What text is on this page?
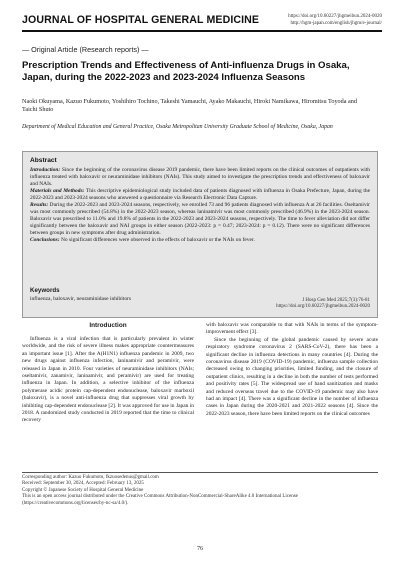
JOURNAL OF HOSPITAL GENERAL MEDICINE	https://doi.org/10.60227/jhgmeibun.2024-0020
http://hgm-japan.com/english/jhgm/e-journal/
— Original Article (Research reports) —
Prescription Trends and Effectiveness of Anti-influenza Drugs in Osaka, Japan, during the 2022-2023 and 2023-2024 Influenza Seasons
Naoki Okuyama, Kazuo Fukumoto, Yoshihiro Tochino, Takeshi Yamauchi, Ayako Makauchi, Hiroki Namikawa, Hiromitsu Toyoda and Taichi Shuto
Department of Medical Education and General Practice, Osaka Metropolitan University Graduate School of Medicine, Osaka, Japan
Abstract

Introduction: Since the beginning of the coronavirus disease 2019 pandemic, there have been limited reports on the clinical outcomes of outpatients with influenza treated with baloxavir or neuraminidase inhibitors (NAIs). This study aimed to investigate the prescription trends and effectiveness of baloxavir and NAIs.

Materials and Methods: This descriptive epidemiological study included data of patients diagnosed with influenza in Osaka Prefecture, Japan, during the 2022-2023 and 2023-2024 seasons who answered a questionnaire via Research Electronic Data Capture.

Results: During the 2022-2023 and 2023-2024 seasons, respectively, we enrolled 73 and 96 patients diagnosed with influenza A at 26 facilities. Oseltamivir was most commonly prescribed (54.8%) in the 2022-2023 season, whereas laninamivir was most commonly prescribed (46.9%) in the 2023-2024 season. Baloxavir was prescribed to 11.0% and 19.8% of patients in the 2022-2023 and 2023-2024 seasons, respectively. The time to fever alleviation did not differ significantly between the baloxavir and NAI groups in either season (2022-2023: p = 0.47; 2023-2024: p = 0.12). There were no significant differences between groups in new symptoms after drug administration.

Conclusions: No significant differences were observed in the effects of baloxavir or the NAIs on fever.

Keywords
influenza, baloxavir, neuraminidase inhibitors	J Hosp Gen Med 2025;7(3):76-81
https://doi.org/10.60227/jhgmeibun.2024-0020
Introduction

Influenza is a viral infection that is particularly prevalent in winter worldwide, and the risk of severe illness makes appropriate countermeasures an important issue [1]. After the A(H1N1) influenza pandemic in 2009, two new drugs against influenza infection, laninamivir and peramivir, were released in Japan in 2010. Four varieties of neuraminidase inhibitors (NAIs; oseltamivir, zanamivir, laninamivir, and peramivir) are used for treating influenza in Japan. In addition, a selective inhibitor of the influenza polymerase acidic protein cap-dependent endonuclease, baloxavir marboxil (baloxavir), is a novel anti-influenza drug that suppresses viral growth by inhibiting cap-dependent endonuclease [2]. It was approved for use in Japan in 2018. A randomized study conducted in 2019 reported that the time to clinical recovery

with baloxavir was comparable to that with NAIs in terms of the symptom-improvement effect [3].

Since the beginning of the global pandemic caused by severe acute respiratory syndrome coronavirus 2 (SARS-CoV-2), there has been a significant decline in influenza detections in many countries [4]. During the coronavirus disease 2019 (COVID-19) pandemic, influenza sample collection decreased owing to changing priorities, limited funding, and the closure of outpatient clinics, resulting in a decline in both the number of tests performed and positivity rates [5]. The widespread use of hand sanitization and masks and reduced overseas travel due to the COVID-19 pandemic may also have had an impact [4]. There was a significant decline in the number of influenza cases in Japan during the 2020-2021 and 2021-2022 seasons [4]. Since the 2022-2023 season, there have been limited reports on the clinical outcomes

Corresponding author: Kazuo Fukumoto, fkzuosedenus@gmail.com
Received: September 30, 2024, Accepted: February 13, 2025
Copyright © Japanese Society of Hospital General Medicine
This is an open access journal distributed under the Creative Commons Attribution-NonCommercial-ShareAlike 4.0 International License (https://creativecommons.org/licenses/by-nc-sa/4.0/).
76
